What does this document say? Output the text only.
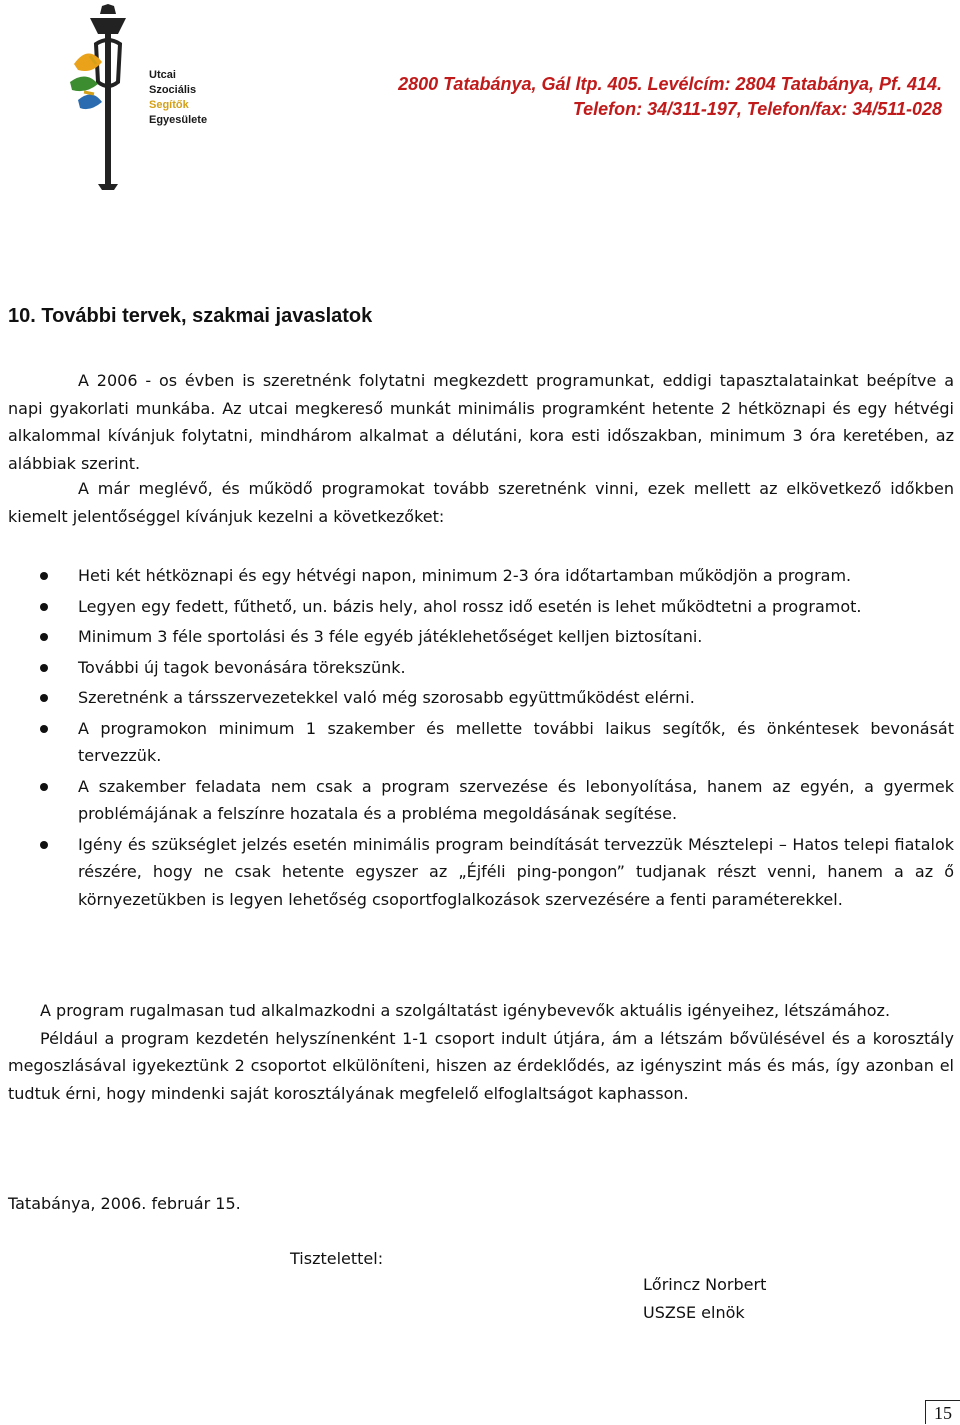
Utcai
Szociális
Segítők
Egyesülete
2800 Tatabánya, Gál ltp. 405. Levélcím: 2804 Tatabánya, Pf. 414.
Telefon: 34/311-197, Telefon/fax: 34/511-028
10. További tervek, szakmai javaslatok
A 2006 - os évben is szeretnénk folytatni megkezdett programunkat, eddigi tapasztalatainkat beépítve a napi gyakorlati munkába. Az utcai megkereső munkát minimális programként hetente 2 hétköznapi és egy hétvégi alkalommal kívánjuk folytatni, mindhárom alkalmat a délutáni, kora esti időszakban, minimum 3 óra keretében, az alábbiak szerint.
A már meglévő, és működő programokat tovább szeretnénk vinni, ezek mellett az elkövetkező időkben kiemelt jelentőséggel kívánjuk kezelni a következőket:
Heti két hétköznapi és egy hétvégi napon, minimum 2-3 óra időtartamban működjön a program.
Legyen egy fedett, fűthető, un. bázis hely, ahol rossz idő esetén is lehet működtetni a programot.
Minimum 3 féle sportolási és 3 féle egyéb játéklehetőséget kelljen biztosítani.
További új tagok bevonására törekszünk.
Szeretnénk a társszervezetekkel való még szorosabb együttműködést elérni.
A programokon minimum 1 szakember és mellette további laikus segítők, és önkéntesek bevonását tervezzük.
A szakember feladata nem csak a program szervezése és lebonyolítása, hanem az egyén, a gyermek problémájának a felszínre hozatala és a probléma megoldásának segítése.
Igény és szükséglet jelzés esetén minimális program beindítását tervezzük Mésztelepi – Hatos telepi fiatalok részére, hogy ne csak hetente egyszer az „Éjféli ping-pongon” tudjanak részt venni, hanem a az ő környezetükben is legyen lehetőség csoportfoglalkozások szervezésére a fenti paraméterekkel.
A program rugalmasan tud alkalmazkodni a szolgáltatást igénybevevők aktuális igényeihez, létszámához.
Például a program kezdetén helyszínenként 1-1 csoport indult útjára, ám a létszám bővülésével és a korosztály megoszlásával igyekeztünk 2 csoportot elkülöníteni, hiszen az érdeklődés, az igényszint más és más, így azonban el tudtuk érni, hogy mindenki saját korosztályának megfelelő elfoglaltságot kaphasson.
Tatabánya, 2006. február 15.
Tisztelettel:
Lőrincz Norbert
USZSE elnök
15
